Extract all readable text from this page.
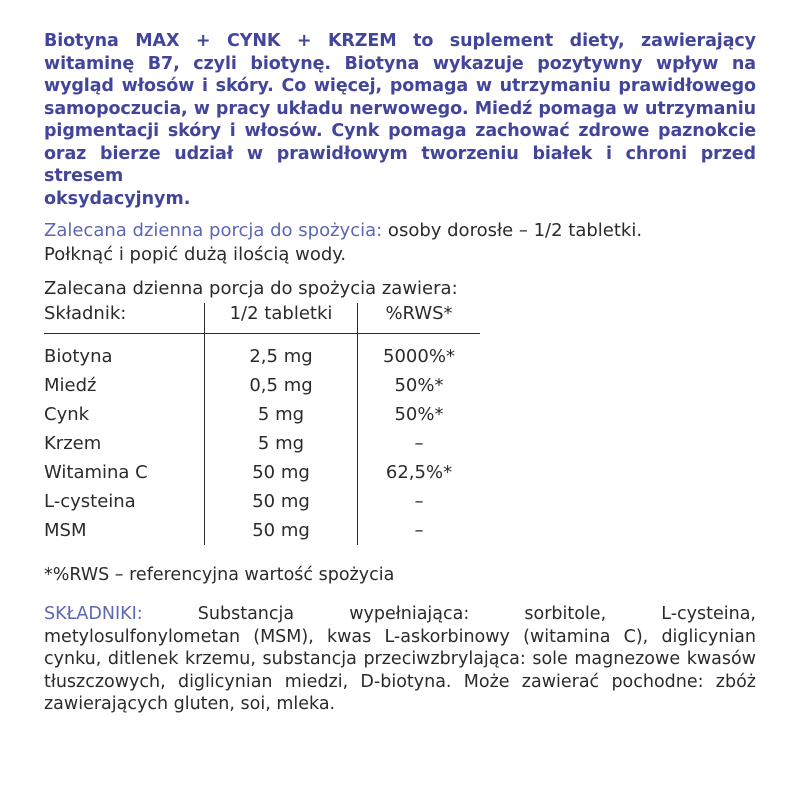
Biotyna MAX + CYNK + KRZEM to suplement diety, zawierający witaminę B7, czyli biotynę. Biotyna wykazuje pozytywny wpływ na wygląd włosów i skóry. Co więcej, pomaga w utrzymaniu prawidłowego samopoczucia, w pracy układu nerwowego. Miedź pomaga w utrzymaniu pigmentacji skóry i włosów. Cynk pomaga zachować zdrowe paznokcie oraz bierze udział w prawidłowym tworzeniu białek i chroni przed stresem

oksydacyjnym.

Zalecana dzienna porcja do spożycia: osoby dorosłe – 1/2 tabletki.
Połknąć i popić dużą ilością wody.

Zalecana dzienna porcja do spożycia zawiera:

Składnik:	1/2 tabletki	%RWS*
Biotyna	2,5 mg	5000%*
Miedź	0,5 mg	50%*
Cynk	5 mg	50%*
Krzem	5 mg	–
Witamina C	50 mg	62,5%*
L-cysteina	50 mg	–
MSM	50 mg	–

*%RWS – referencyjna wartość spożycia

SKŁADNIKI: Substancja wypełniająca: sorbitole, L-cysteina, metylosulfonylometan (MSM), kwas L-askorbinowy (witamina C), diglicynian cynku, ditlenek krzemu, substancja przeciwzbrylająca: sole magnezowe kwasów tłuszczowych, diglicynian miedzi, D-biotyna. Może zawierać pochodne: zbóż zawierających gluten, soi, mleka.
